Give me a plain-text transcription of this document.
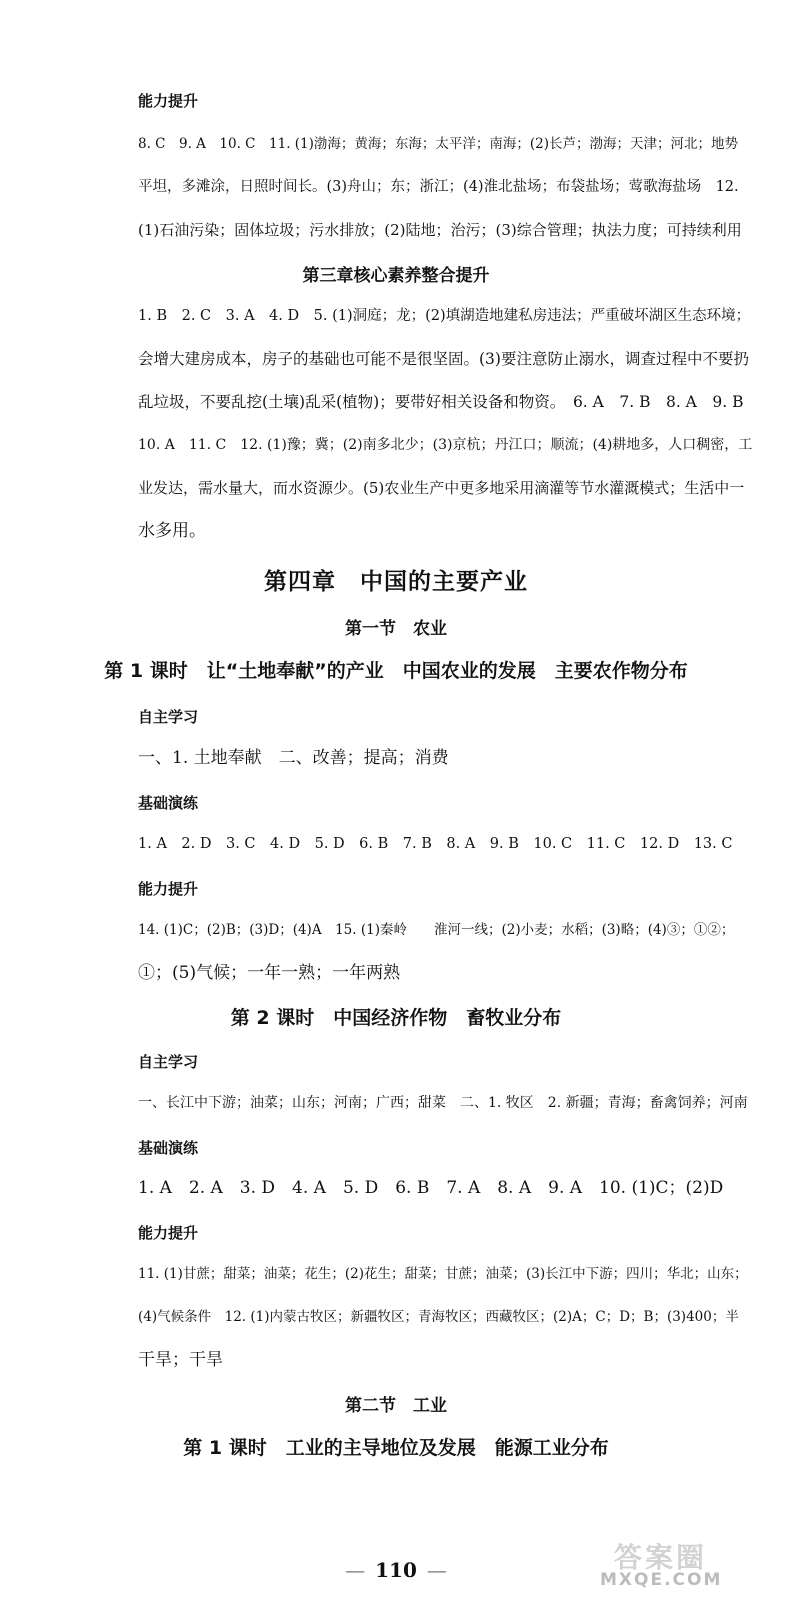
能力提升
8. C　9. A　10. C　11. (1)渤海；黄海；东海；太平洋；南海；(2)长芦；渤海；天津；河北；地势
平坦，多滩涂，日照时间长。(3)舟山；东；浙江；(4)淮北盐场；布袋盐场；莺歌海盐场　12.
(1)石油污染；固体垃圾；污水排放；(2)陆地；治污；(3)综合管理；执法力度；可持续利用
第三章核心素养整合提升
1. B　2. C　3. A　4. D　5. (1)洞庭；龙；(2)填湖造地建私房违法；严重破坏湖区生态环境；
会增大建房成本，房子的基础也可能不是很坚固。(3)要注意防止溺水，调查过程中不要扔
乱垃圾，不要乱挖(土壤)乱采(植物)；要带好相关设备和物资。　6. A　7. B　8. A　9. B
10. A　11. C　12. (1)豫；冀；(2)南多北少；(3)京杭；丹江口；顺流；(4)耕地多，人口稠密，工
业发达，需水量大，而水资源少。(5)农业生产中更多地采用滴灌等节水灌溉模式；生活中一
水多用。
第四章　中国的主要产业
第一节　农业
第 1 课时　让“土地奉献”的产业　中国农业的发展　主要农作物分布
自主学习
一、1. 土地奉献　二、改善；提高；消费
基础演练
1. A　2. D　3. C　4. D　5. D　6. B　7. B　8. A　9. B　10. C　11. C　12. D　13. C
能力提升
14. (1)C；(2)B；(3)D；(4)A　15. (1)秦岭　　淮河一线；(2)小麦；水稻；(3)略；(4)③；①②；
①；(5)气候；一年一熟；一年两熟
第 2 课时　中国经济作物　畜牧业分布
自主学习
一、长江中下游；油菜；山东；河南；广西；甜菜　二、1. 牧区　2. 新疆；青海；畜禽饲养；河南
基础演练
1. A　2. A　3. D　4. A　5. D　6. B　7. A　8. A　9. A　10. (1)C；(2)D
能力提升
11. (1)甘蔗；甜菜；油菜；花生；(2)花生；甜菜；甘蔗；油菜；(3)长江中下游；四川；华北；山东；
(4)气候条件　12. (1)内蒙古牧区；新疆牧区；青海牧区；西藏牧区；(2)A；C；D；B；(3)400；半
干旱；干旱
第二节　工业
第 1 课时　工业的主导地位及发展　能源工业分布
— 110 —	答案圈
MXQE.COM
